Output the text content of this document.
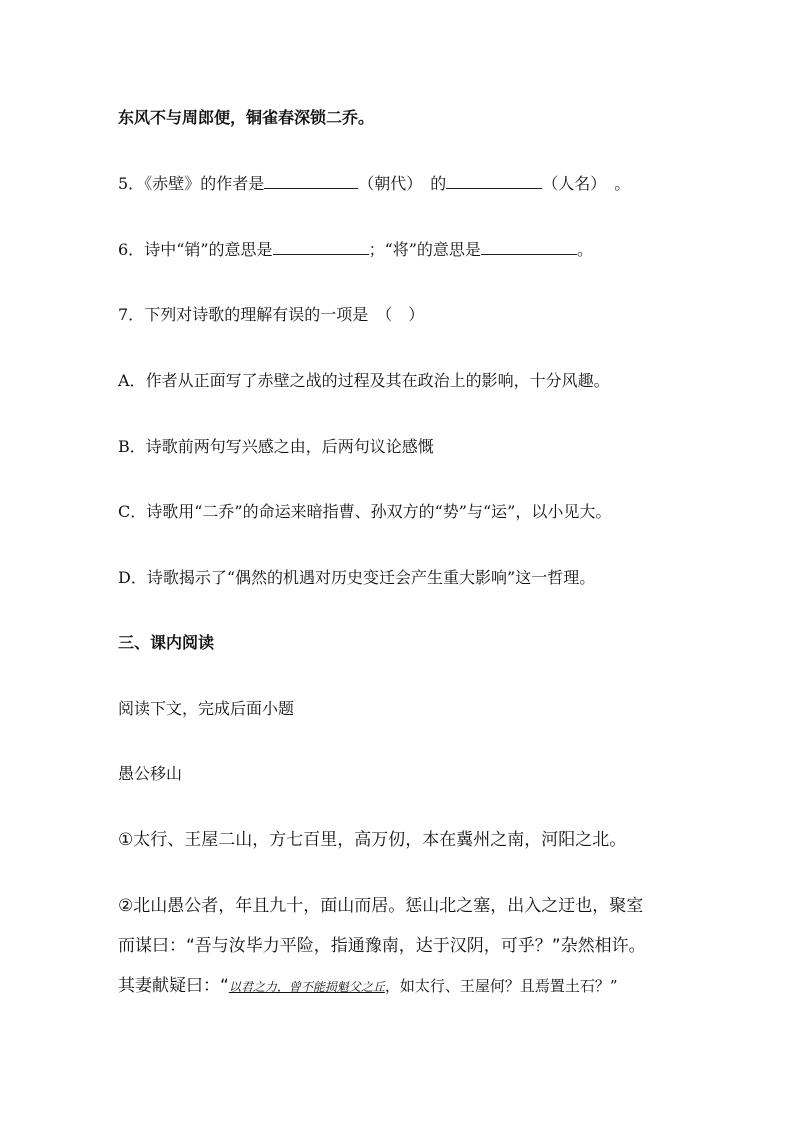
东风不与周郎便，铜雀春深锁二乔。
5．《赤壁》的作者是	（朝代）　的	（人名）　。
6．诗中“销”的意思是	；“将”的意思是	。
7．下列对诗歌的理解有误的一项是　（　）
A．作者从正面写了赤壁之战的过程及其在政治上的影响，十分风趣。
B．诗歌前两句写兴感之由，后两句议论感慨
C．诗歌用“二乔”的命运来暗指曹、孙双方的“势”与“运”，以小见大。
D．诗歌揭示了“偶然的机遇对历史变迁会产生重大影响”这一哲理。
三、课内阅读
阅读下文，完成后面小题
愚公移山
①太行、王屋二山，方七百里，高万仞，本在冀州之南，河阳之北。
②北山愚公者，年且九十，面山而居。惩山北之塞，出入之迂也，聚室
而谋曰：“吾与汝毕力平险，指通豫南，达于汉阴，可乎？”杂然相许。
其妻献疑曰：“以君之力，曾不能损魁父之丘，如太行、王屋何？且焉置土石？”
